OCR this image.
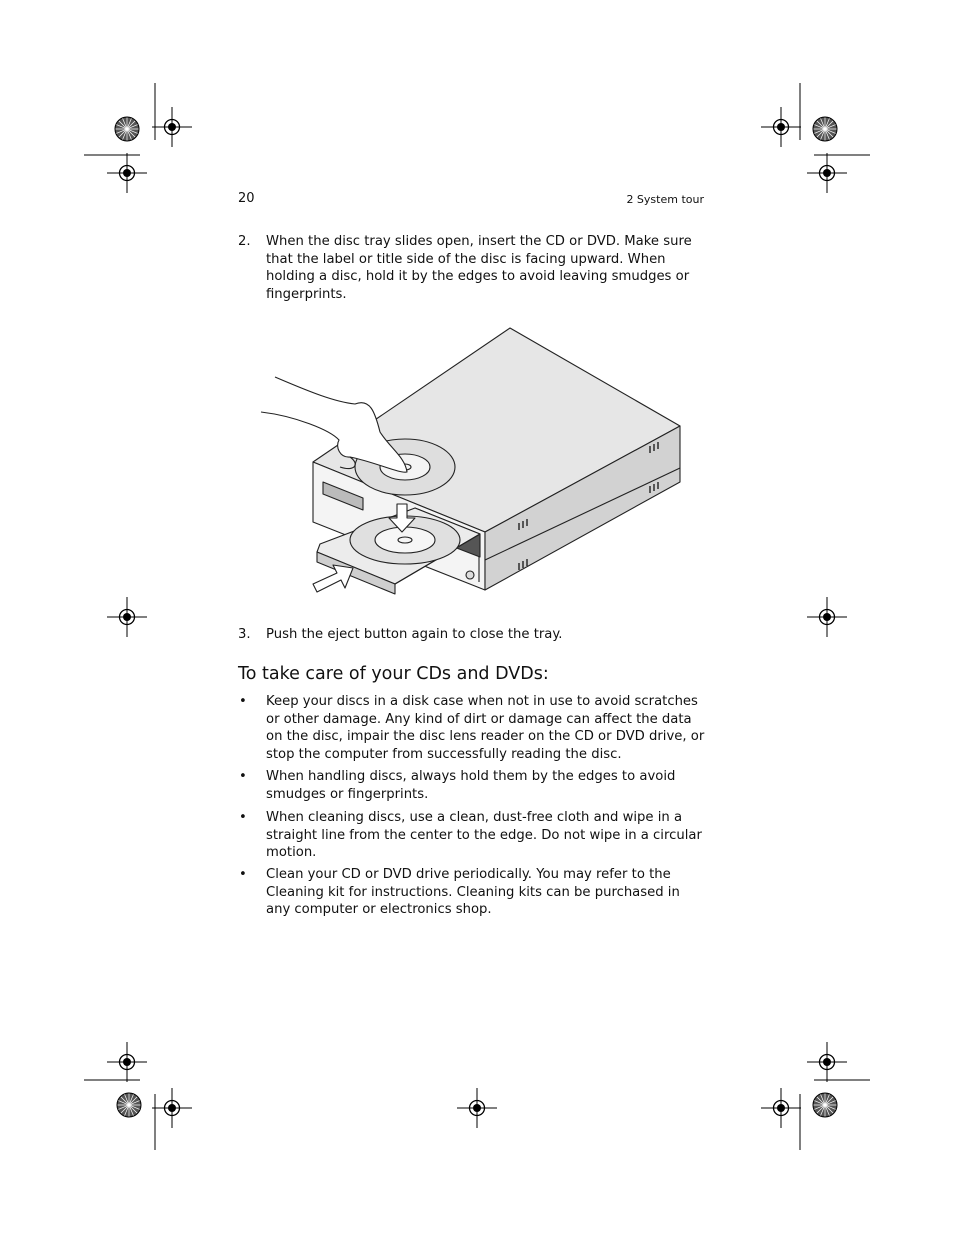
20	2 System tour
2. When the disc tray slides open, insert the CD or DVD. Make sure that the label or title side of the disc is facing upward. When holding a disc, hold it by the edges to avoid leaving smudges or fingerprints.
3. Push the eject button again to close the tray.
To take care of your CDs and DVDs:
• Keep your discs in a disk case when not in use to avoid scratches or other damage. Any kind of dirt or damage can affect the data on the disc, impair the disc lens reader on the CD or DVD drive, or stop the computer from successfully reading the disc.
• When handling discs, always hold them by the edges to avoid smudges or fingerprints.
• When cleaning discs, use a clean, dust-free cloth and wipe in a straight line from the center to the edge. Do not wipe in a circular motion.
• Clean your CD or DVD drive periodically. You may refer to the Cleaning kit for instructions. Cleaning kits can be purchased in any computer or electronics shop.
